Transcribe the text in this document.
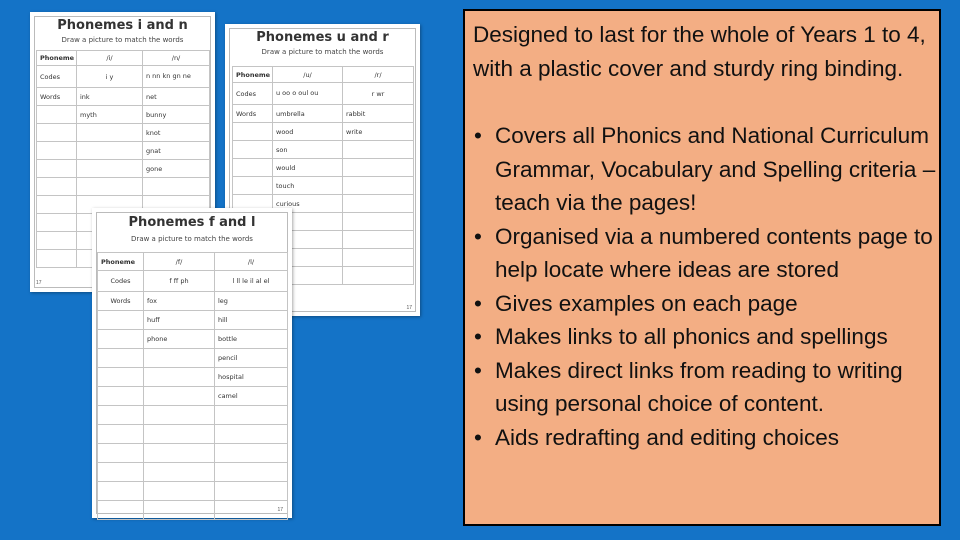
Phonemes i and n
Draw a picture to match the words
Phoneme	/i/	/n/
Codes	i y	n nn kn gn ne
Words	ink	net
	myth	bunny
		knot
		gnat
		gone

17
Phonemes u and r
Draw a picture to match the words
Phoneme	/u/	/r/
Codes	u oo o oul ou	r wr
Words	umbrella	rabbit
	wood	write
	son	
	would	
	touch	
	curious	

17
Phonemes f and l
Draw a picture to match the words
Phoneme	/f/	/l/
Codes	f ff ph	l ll le il al el
Words	fox	leg
	huff	hill
	phone	bottle
		pencil
		hospital
		camel

17

Designed to last for the whole of Years 1 to 4, with a plastic cover and sturdy ring binding.

• Covers all Phonics and National Curriculum Grammar, Vocabulary and Spelling criteria – teach via the pages!
• Organised via a numbered contents page to help locate where ideas are stored
• Gives examples on each page
• Makes links to all phonics and spellings
• Makes direct links from reading to writing using personal choice of content.
• Aids redrafting and editing choices
